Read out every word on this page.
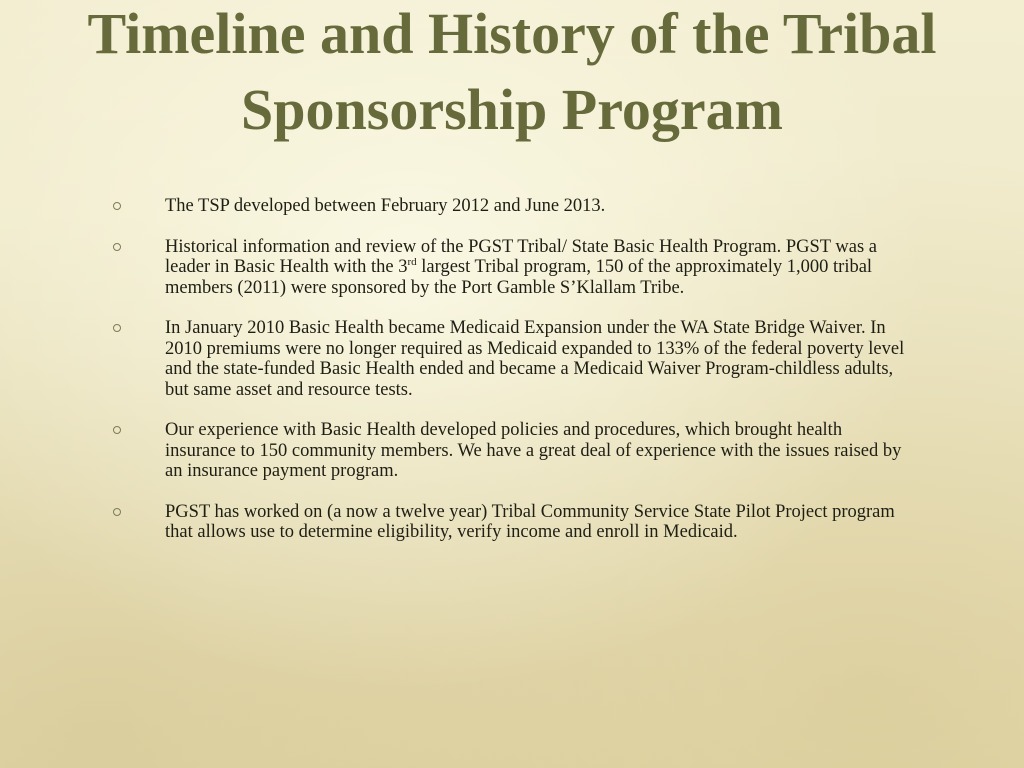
Timeline and History of the Tribal Sponsorship Program
The TSP developed between February 2012 and June 2013.
Historical information and review of the PGST Tribal/ State Basic Health Program. PGST was a leader in Basic Health with the 3rd largest Tribal program, 150 of the approximately 1,000 tribal members (2011) were sponsored by the Port Gamble S’Klallam Tribe.
In January 2010 Basic Health became Medicaid Expansion under the WA State Bridge Waiver. In 2010 premiums were no longer required as Medicaid expanded to 133% of the federal poverty level and the state-funded Basic Health ended and became a Medicaid Waiver Program-childless adults, but same asset and resource tests.
Our experience with Basic Health developed policies and procedures, which brought health insurance to 150 community members. We have a great deal of experience with the issues raised by an insurance payment program.
PGST has worked on (a now a twelve year) Tribal Community Service State Pilot Project program that allows use to determine eligibility, verify income and enroll in Medicaid.
